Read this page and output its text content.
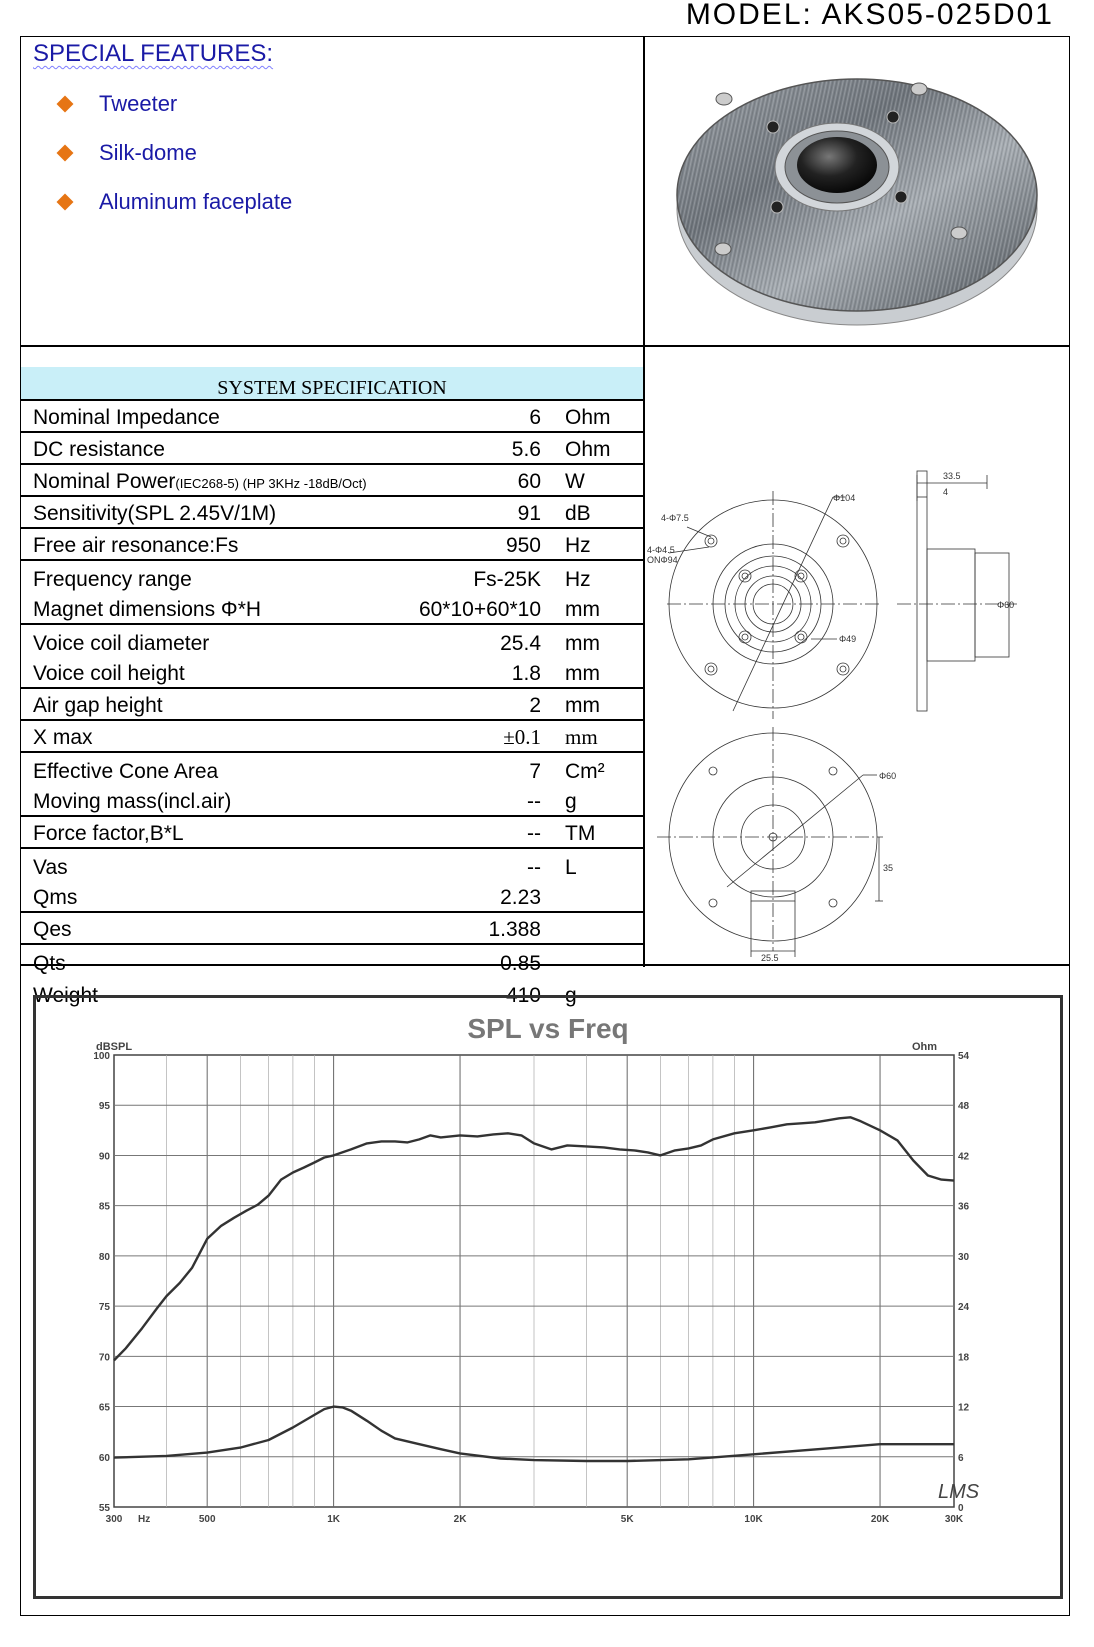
MODEL: AKS05-025D01
SPECIAL FEATURES:
Tweeter
Silk-dome
Aluminum faceplate
SYSTEM SPECIFICATION
Nominal Impedance	6 Ohm
DC resistance	5.6 Ohm
Nominal Power(IEC268-5) (HP 3KHz -18dB/Oct)	60 W
Sensitivity(SPL 2.45V/1M)	91 dB
Free air resonance:Fs	950 Hz
Frequency range	Fs-25K Hz
Magnet dimensions Φ*H	60*10+60*10 mm
Voice coil diameter	25.4 mm
Voice coil height	1.8 mm
Air gap height	2 mm
X max	±0.1 mm
Effective Cone Area	7 Cm²
Moving mass(incl.air)	-- g
Force factor,B*L	-- TM
Vas	-- L
Qms	2.23
Qes	1.388
Qts	0.85
Weight	410 g
4-Φ7.5
4-Φ4.5
ONΦ94
Φ104
Φ49
33.5
4
Φ60
Φ60
35
25.5
SPL vs Freq
dBSPL	Ohm
LMS
55
60
65
70
75
80
85
90
95
100
0
6
12
18
24
30
36
42
48
54
300	500	1K	2K	5K	10K	20K	30K
Hz
